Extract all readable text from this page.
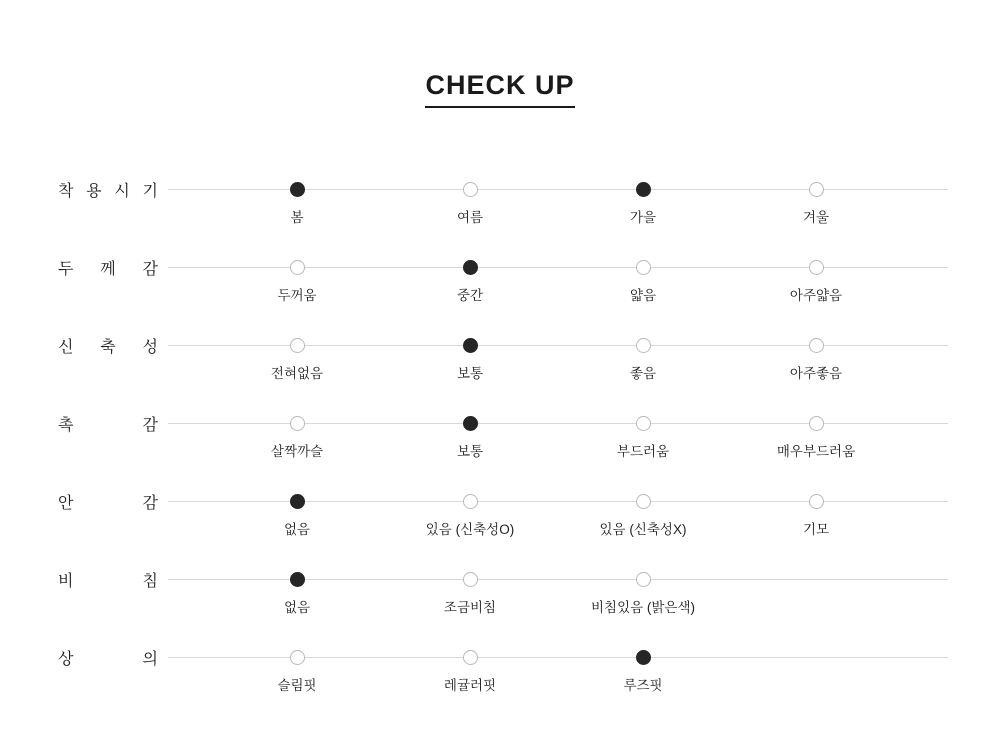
CHECK UP
착 용 시 기
봄	여름	가을	겨울
두 께 감
두꺼움	중간	얇음	아주얇음
신 축 성
전혀없음	보통	좋음	아주좋음
촉	감
살짝까슬	보통	부드러움	매우부드러움
안	감
없음	있음 (신축성O)	있음 (신축성X)	기모
비	침
없음	조금비침	비침있음 (밝은색)
상	의
슬림핏	레귤러핏	루즈핏
